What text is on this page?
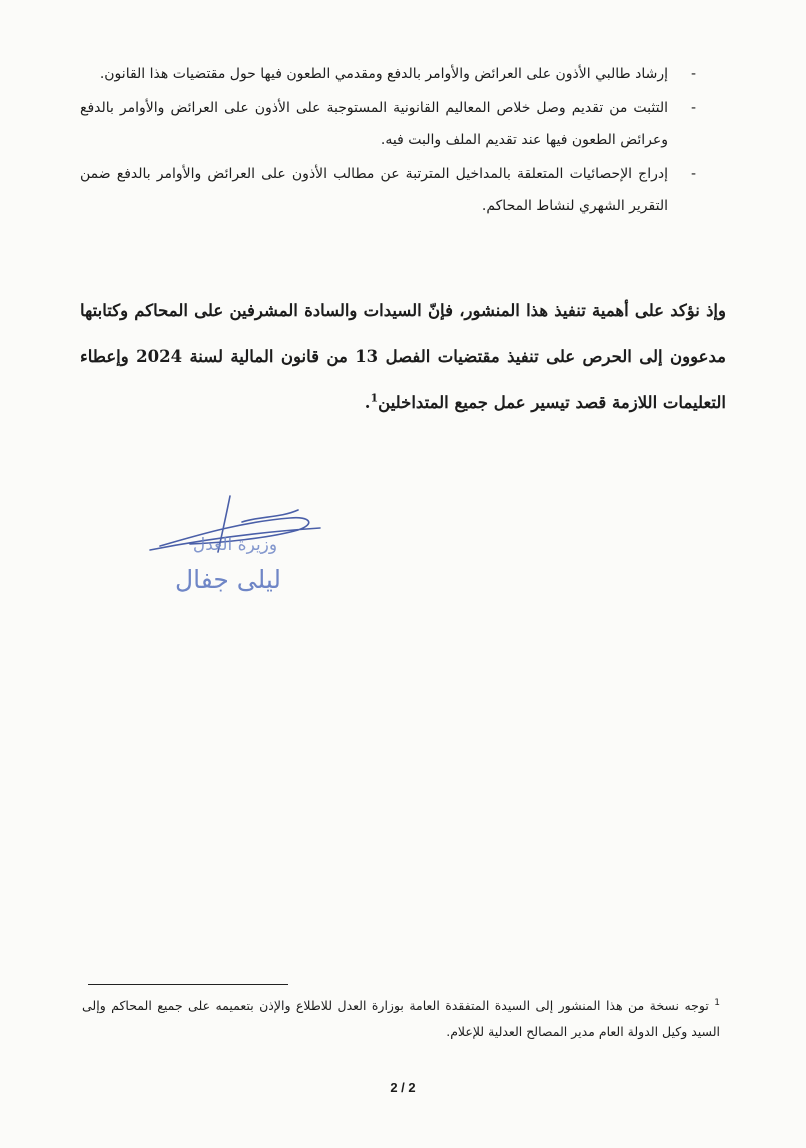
-
إرشاد طالبي الأذون على العرائض والأوامر بالدفع ومقدمي الطعون فيها حول مقتضيات هذا القانون.
-
التثبت من تقديم وصل خلاص المعاليم القانونية المستوجبة على الأذون على العرائض والأوامر بالدفع وعرائض الطعون فيها عند تقديم الملف والبت فيه.
-
إدراج الإحصائيات المتعلقة بالمداخيل المترتبة عن مطالب الأذون على العرائض والأوامر بالدفع ضمن التقرير الشهري لنشاط المحاكم.
وإذ نؤكد على أهمية تنفيذ هذا المنشور، فإنّ السيدات والسادة المشرفين على المحاكم وكتابتها مدعوون إلى الحرص على تنفيذ مقتضيات الفصل 13 من قانون المالية لسنة 2024 وإعطاء التعليمات اللازمة قصد تيسير عمل جميع المتداخلين$^1$.
وزيرة العدل
ليلى جفال
$^1$ توجه نسخة من هذا المنشور إلى السيدة المتفقدة العامة بوزارة العدل للاطلاع والإذن بتعميمه على جميع المحاكم وإلى السيد وكيل الدولة العام مدير المصالح العدلية للإعلام.
2 / 2
